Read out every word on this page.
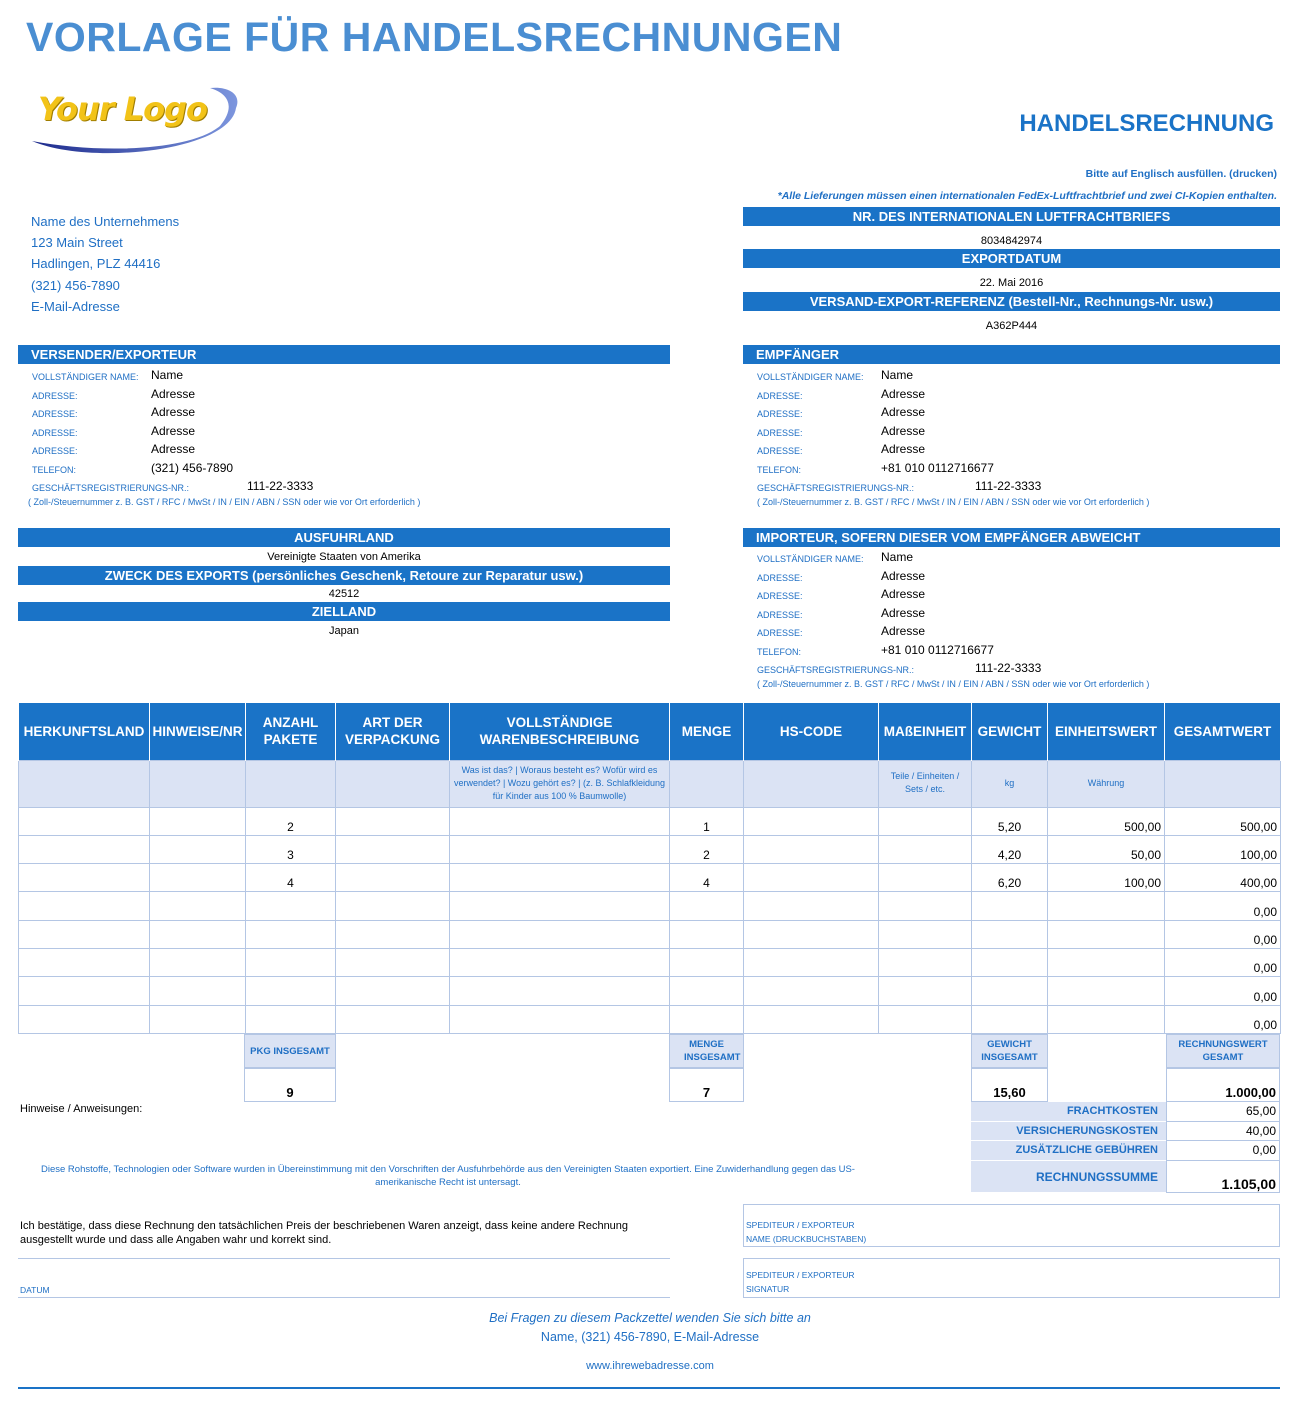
VORLAGE FÜR HANDELSRECHNUNGEN
Your Logo	HANDELSRECHNUNG
Bitte auf Englisch ausfüllen. (drucken)
*Alle Lieferungen müssen einen internationalen FedEx-Luftfrachtbrief und zwei CI-Kopien enthalten.
Name des Unternehmens
123 Main Street
Hadlingen, PLZ 44416
(321) 456-7890
E-Mail-Adresse
NR. DES INTERNATIONALEN LUFTFRACHTBRIEFS
8034842974
EXPORTDATUM
22. Mai 2016
VERSAND-EXPORT-REFERENZ (Bestell-Nr., Rechnungs-Nr. usw.)
A362P444
VERSENDER/EXPORTEUR
VOLLSTÄNDIGER NAME: Name
ADRESSE:	Adresse
ADRESSE:	Adresse
ADRESSE:	Adresse
ADRESSE:	Adresse
TELEFON:	(321) 456-7890
GESCHÄFTSREGISTRIERUNGS-NR.:	111-22-3333
( Zoll-/Steuernummer z. B. GST / RFC / MwSt / IN / EIN / ABN / SSN oder wie vor Ort erforderlich )
EMPFÄNGER
VOLLSTÄNDIGER NAME: Name
ADRESSE:	Adresse
ADRESSE:	Adresse
ADRESSE:	Adresse
ADRESSE:	Adresse
TELEFON:	+81 010 0112716677
GESCHÄFTSREGISTRIERUNGS-NR.:	111-22-3333
( Zoll-/Steuernummer z. B. GST / RFC / MwSt / IN / EIN / ABN / SSN oder wie vor Ort erforderlich )
AUSFUHRLAND
Vereinigte Staaten von Amerika
ZWECK DES EXPORTS (persönliches Geschenk, Retoure zur Reparatur usw.)
42512
ZIELLAND
Japan
IMPORTEUR, SOFERN DIESER VOM EMPFÄNGER ABWEICHT
VOLLSTÄNDIGER NAME: Name
ADRESSE:	Adresse
ADRESSE:	Adresse
ADRESSE:	Adresse
ADRESSE:	Adresse
TELEFON:	+81 010 0112716677
GESCHÄFTSREGISTRIERUNGS-NR.:	111-22-3333
( Zoll-/Steuernummer z. B. GST / RFC / MwSt / IN / EIN / ABN / SSN oder wie vor Ort erforderlich )
HERKUNFTSLAND	HINWEISE/NR	ANZAHL PAKETE	ART DER VERPACKUNG	VOLLSTÄNDIGE WARENBESCHREIBUNG	MENGE	HS-CODE	MAßEINHEIT	GEWICHT	EINHEITSWERT	GESAMTWERT
				Was ist das? | Woraus besteht es? Wofür wird es verwendet? | Wozu gehört es? | (z. B. Schlafkleidung für Kinder aus 100 % Baumwolle)			Teile / Einheiten / Sets / etc.	kg	Währung	
		2			1			5,20	500,00	500,00
		3			2			4,20	50,00	100,00
		4			4			6,20	100,00	400,00
										0,00
										0,00
										0,00
										0,00
										0,00
PKG INSGESAMT
9
MENGE INSGESAMT
7
GEWICHT INSGESAMT
15,60
RECHNUNGSWERT GESAMT
1.000,00
FRACHTKOSTEN	65,00
VERSICHERUNGSKOSTEN	40,00
ZUSÄTZLICHE GEBÜHREN	0,00
RECHNUNGSSUMME	1.105,00
Hinweise / Anweisungen:
Diese Rohstoffe, Technologien oder Software wurden in Übereinstimmung mit den Vorschriften der Ausfuhrbehörde aus den Vereinigten Staaten exportiert. Eine Zuwiderhandlung gegen das US-amerikanische Recht ist untersagt.
Ich bestätige, dass diese Rechnung den tatsächlichen Preis der beschriebenen Waren anzeigt, dass keine andere Rechnung ausgestellt wurde und dass alle Angaben wahr und korrekt sind.
DATUM
SPEDITEUR / EXPORTEUR
NAME (DRUCKBUCHSTABEN)
SPEDITEUR / EXPORTEUR
SIGNATUR
Bei Fragen zu diesem Packzettel wenden Sie sich bitte an
Name, (321) 456-7890, E-Mail-Adresse
www.ihrewebadresse.com
